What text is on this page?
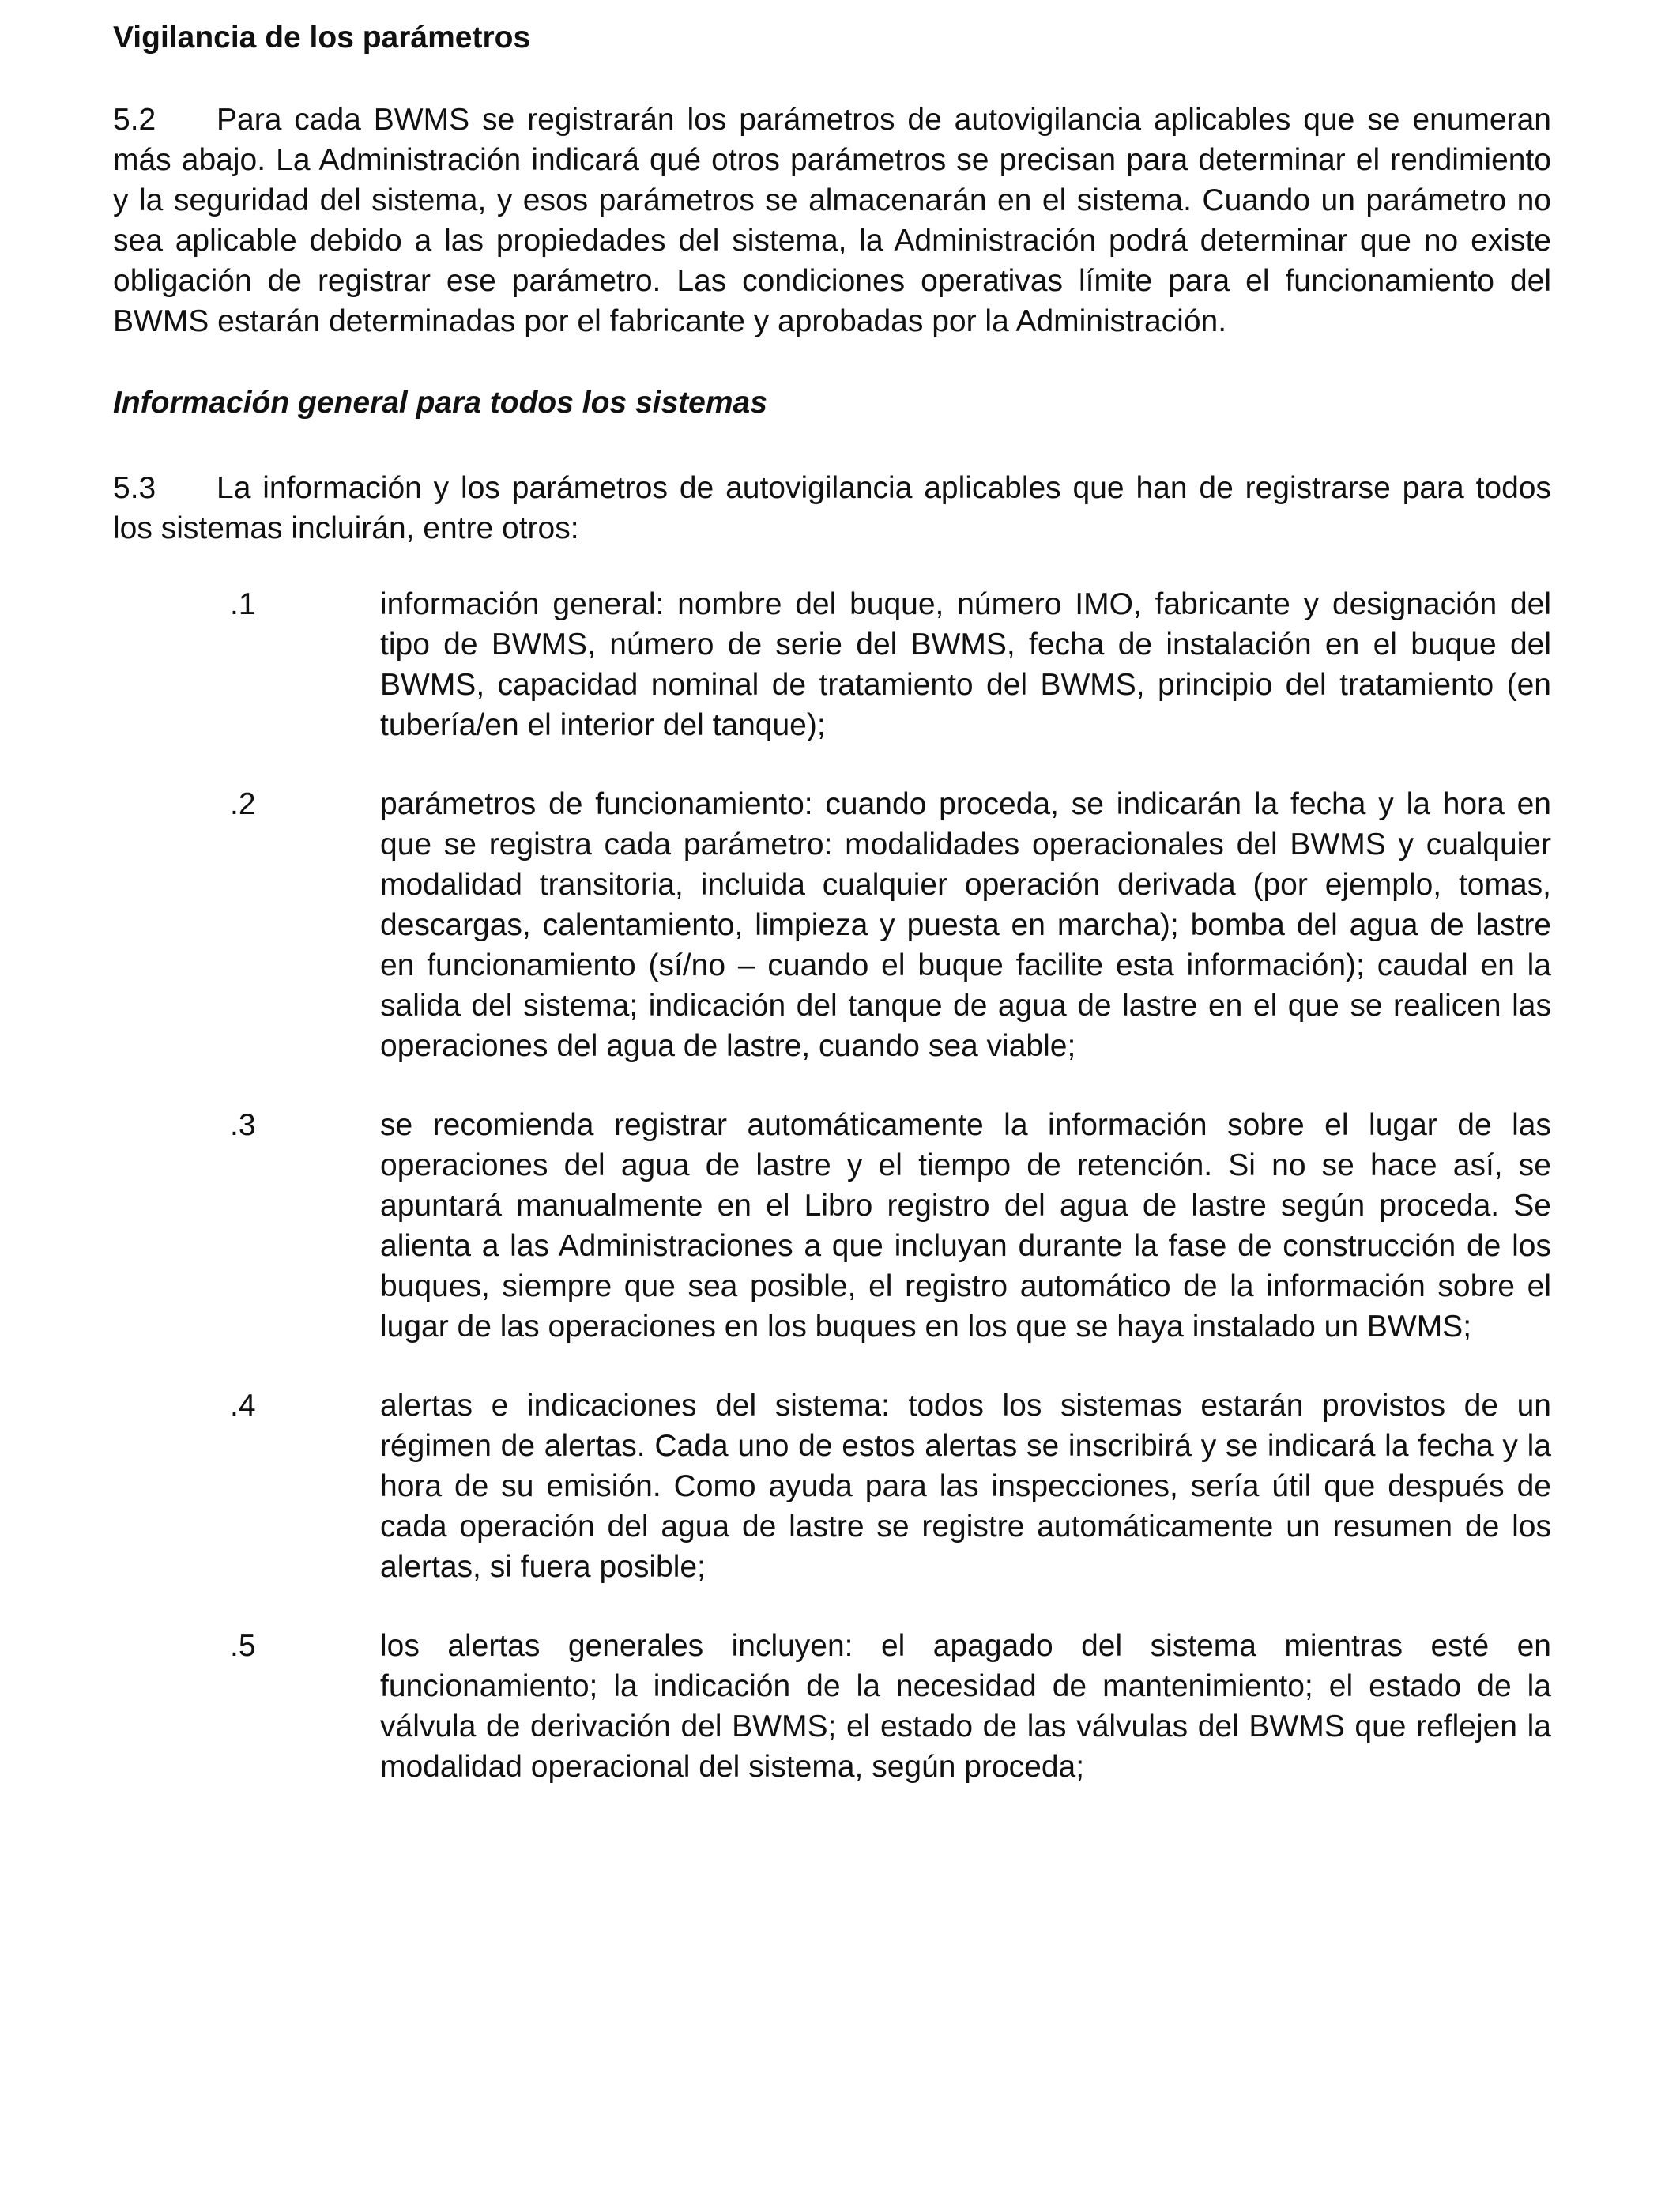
Vigilancia de los parámetros

5.2 Para cada BWMS se registrarán los parámetros de autovigilancia aplicables que se enumeran más abajo. La Administración indicará qué otros parámetros se precisan para determinar el rendimiento y la seguridad del sistema, y esos parámetros se almacenarán en el sistema. Cuando un parámetro no sea aplicable debido a las propiedades del sistema, la Administración podrá determinar que no existe obligación de registrar ese parámetro. Las condiciones operativas límite para el funcionamiento del BWMS estarán determinadas por el fabricante y aprobadas por la Administración.

Información general para todos los sistemas

5.3 La información y los parámetros de autovigilancia aplicables que han de registrarse para todos los sistemas incluirán, entre otros:

.1	información general: nombre del buque, número IMO, fabricante y designación del tipo de BWMS, número de serie del BWMS, fecha de instalación en el buque del BWMS, capacidad nominal de tratamiento del BWMS, principio del tratamiento (en tubería/en el interior del tanque);
.2	parámetros de funcionamiento: cuando proceda, se indicarán la fecha y la hora en que se registra cada parámetro: modalidades operacionales del BWMS y cualquier modalidad transitoria, incluida cualquier operación derivada (por ejemplo, tomas, descargas, calentamiento, limpieza y puesta en marcha); bomba del agua de lastre en funcionamiento (sí/no – cuando el buque facilite esta información); caudal en la salida del sistema; indicación del tanque de agua de lastre en el que se realicen las operaciones del agua de lastre, cuando sea viable;
.3	se recomienda registrar automáticamente la información sobre el lugar de las operaciones del agua de lastre y el tiempo de retención. Si no se hace así, se apuntará manualmente en el Libro registro del agua de lastre según proceda. Se alienta a las Administraciones a que incluyan durante la fase de construcción de los buques, siempre que sea posible, el registro automático de la información sobre el lugar de las operaciones en los buques en los que se haya instalado un BWMS;
.4	alertas e indicaciones del sistema: todos los sistemas estarán provistos de un régimen de alertas. Cada uno de estos alertas se inscribirá y se indicará la fecha y la hora de su emisión. Como ayuda para las inspecciones, sería útil que después de cada operación del agua de lastre se registre automáticamente un resumen de los alertas, si fuera posible;
.5	los alertas generales incluyen: el apagado del sistema mientras esté en funcionamiento; la indicación de la necesidad de mantenimiento; el estado de la válvula de derivación del BWMS; el estado de las válvulas del BWMS que reflejen la modalidad operacional del sistema, según proceda;
